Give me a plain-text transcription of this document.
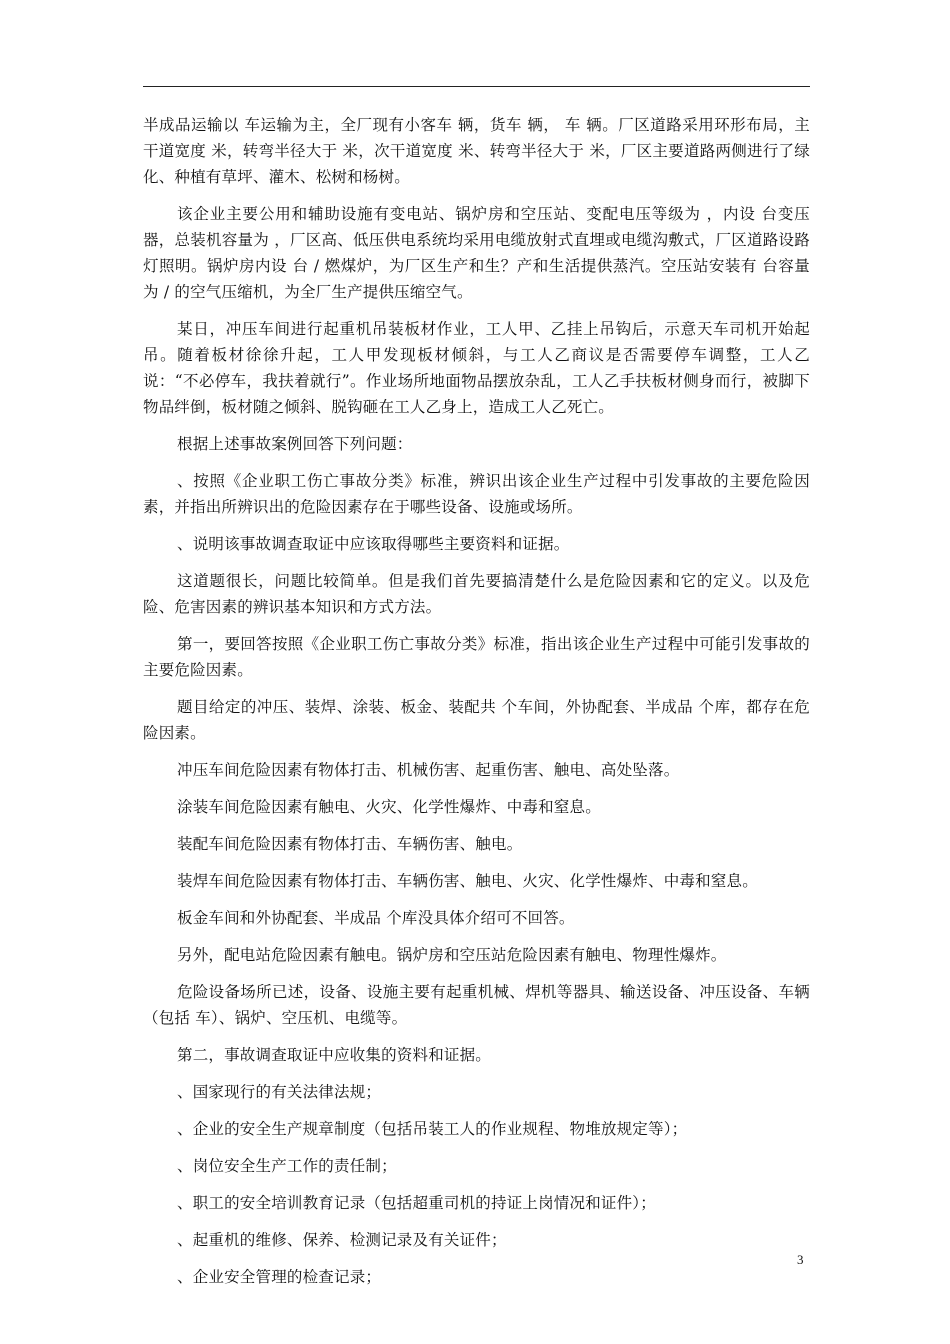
半成品运输以 车运输为主，全厂现有小客车 辆，货车 辆， 车 辆。厂区道路采用环形布局，主干道宽度 米，转弯半径大于 米，次干道宽度 米、转弯半径大于 米，厂区主要道路两侧进行了绿化、种植有草坪、灌木、松树和杨树。

该企业主要公用和辅助设施有变电站、锅炉房和空压站、变配电压等级为 ，内设 台变压器，总装机容量为 ，厂区高、低压供电系统均采用电缆放射式直埋或电缆沟敷式，厂区道路设路灯照明。锅炉房内设 台 / 燃煤炉，为厂区生产和生？产和生活提供蒸汽。空压站安装有 台容量为 / 的空气压缩机，为全厂生产提供压缩空气。

某日，冲压车间进行起重机吊装板材作业，工人甲、乙挂上吊钩后，示意天车司机开始起吊。随着板材徐徐升起，工人甲发现板材倾斜，与工人乙商议是否需要停车调整，工人乙说：“不必停车，我扶着就行”。作业场所地面物品摆放杂乱，工人乙手扶板材侧身而行，被脚下物品绊倒，板材随之倾斜、脱钩砸在工人乙身上，造成工人乙死亡。

根据上述事故案例回答下列问题：

、按照《企业职工伤亡事故分类》标准，辨识出该企业生产过程中引发事故的主要危险因素，并指出所辨识出的危险因素存在于哪些设备、设施或场所。

、说明该事故调查取证中应该取得哪些主要资料和证据。

这道题很长，问题比较简单。但是我们首先要搞清楚什么是危险因素和它的定义。以及危险、危害因素的辨识基本知识和方式方法。

第一，要回答按照《企业职工伤亡事故分类》标准，指出该企业生产过程中可能引发事故的主要危险因素。

题目给定的冲压、装焊、涂装、板金、装配共 个车间，外协配套、半成品 个库，都存在危险因素。

冲压车间危险因素有物体打击、机械伤害、起重伤害、触电、高处坠落。

涂装车间危险因素有触电、火灾、化学性爆炸、中毒和窒息。

装配车间危险因素有物体打击、车辆伤害、触电。

装焊车间危险因素有物体打击、车辆伤害、触电、火灾、化学性爆炸、中毒和窒息。

板金车间和外协配套、半成品 个库没具体介绍可不回答。

另外，配电站危险因素有触电。锅炉房和空压站危险因素有触电、物理性爆炸。

危险设备场所已述，设备、设施主要有起重机械、焊机等器具、输送设备、冲压设备、车辆（包括 车）、锅炉、空压机、电缆等。

第二，事故调查取证中应收集的资料和证据。

、国家现行的有关法律法规；

、企业的安全生产规章制度（包括吊装工人的作业规程、物堆放规定等）；

、岗位安全生产工作的责任制；

、职工的安全培训教育记录（包括超重司机的持证上岗情况和证件）；

、起重机的维修、保养、检测记录及有关证件；

、企业安全管理的检查记录；

3
